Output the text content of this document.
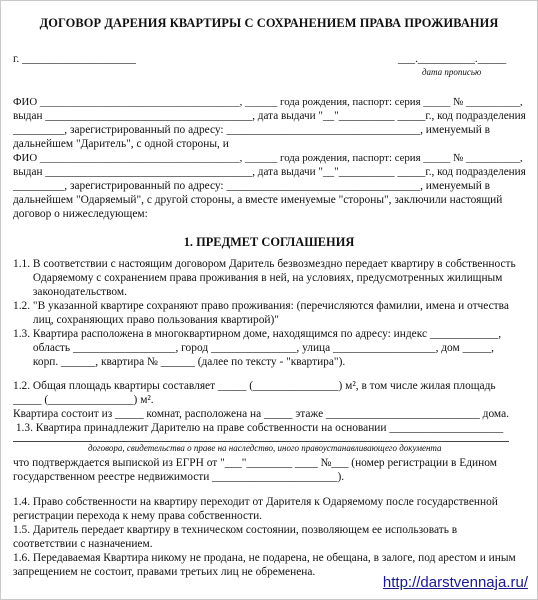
ДОГОВОР ДАРЕНИЯ КВАРТИРЫ С СОХРАНЕНИЕМ ПРАВА ПРОЖИВАНИЯ
г. ____________________	___.__________._____
дата прописью
ФИО _____________________________________, ______ года рождения, паспорт: серия _____ № __________,
выдан _____________________________________, дата выдачи "__"__________ _____г., код подразделения
_________, зарегистрированный по адресу: __________________________________, именуемый в
дальнейшем "Даритель", с одной стороны, и
ФИО _____________________________________, ______ года рождения, паспорт: серия _____ № __________,
выдан _____________________________________, дата выдачи "__"__________ _____г., код подразделения
_________, зарегистрированный по адресу: __________________________________, именуемый в
дальнейшем "Одаряемый", с другой стороны, а вместе именуемые "стороны", заключили настоящий
договор о нижеследующем:
1. ПРЕДМЕТ СОГЛАШЕНИЯ
1.1. В соответствии с настоящим договором Даритель безвозмездно передает квартиру в собственность
Одаряемому с сохранением права проживания в ней, на условиях, предусмотренных жилищным
законодательством.
1.2. "В указанной квартире сохраняют право проживания: (перечисляются фамилии, имена и отчества
лиц, сохраняющих право пользования квартирой)"
1.3. Квартира расположена в многоквартирном доме, находящимся по адресу: индекс ____________,
область __________________, город _______________, улица __________________, дом _____,
корп. ______, квартира № ______ (далее по тексту - "квартира").
1.2. Общая площадь квартиры составляет _____ (_______________) м², в том числе жилая площадь
_____ (_______________) м².
Квартира состоит из _____ комнат, расположена на _____ этаже ___________________________ дома.
1.3. Квартира принадлежит Дарителю на праве собственности на основании ____________________
договора, свидетельства о праве на наследство, иного правоустанавливающего документа
что подтверждается выпиской из ЕГРН от "___"________ ____ №___ (номер регистрации в Едином
государственном реестре недвижимости ______________________).
1.4. Право собственности на квартиру переходит от Дарителя к Одаряемому после государственной
регистрации перехода к нему права собственности.
1.5. Даритель передает квартиру в техническом состоянии, позволяющем ее использовать в
соответствии с назначением.
1.6. Передаваемая Квартира никому не продана, не подарена, не обещана, в залоге, под арестом и иным
запрещением не состоит, правами третьих лиц не обременена.
http://darstvennaja.ru/
